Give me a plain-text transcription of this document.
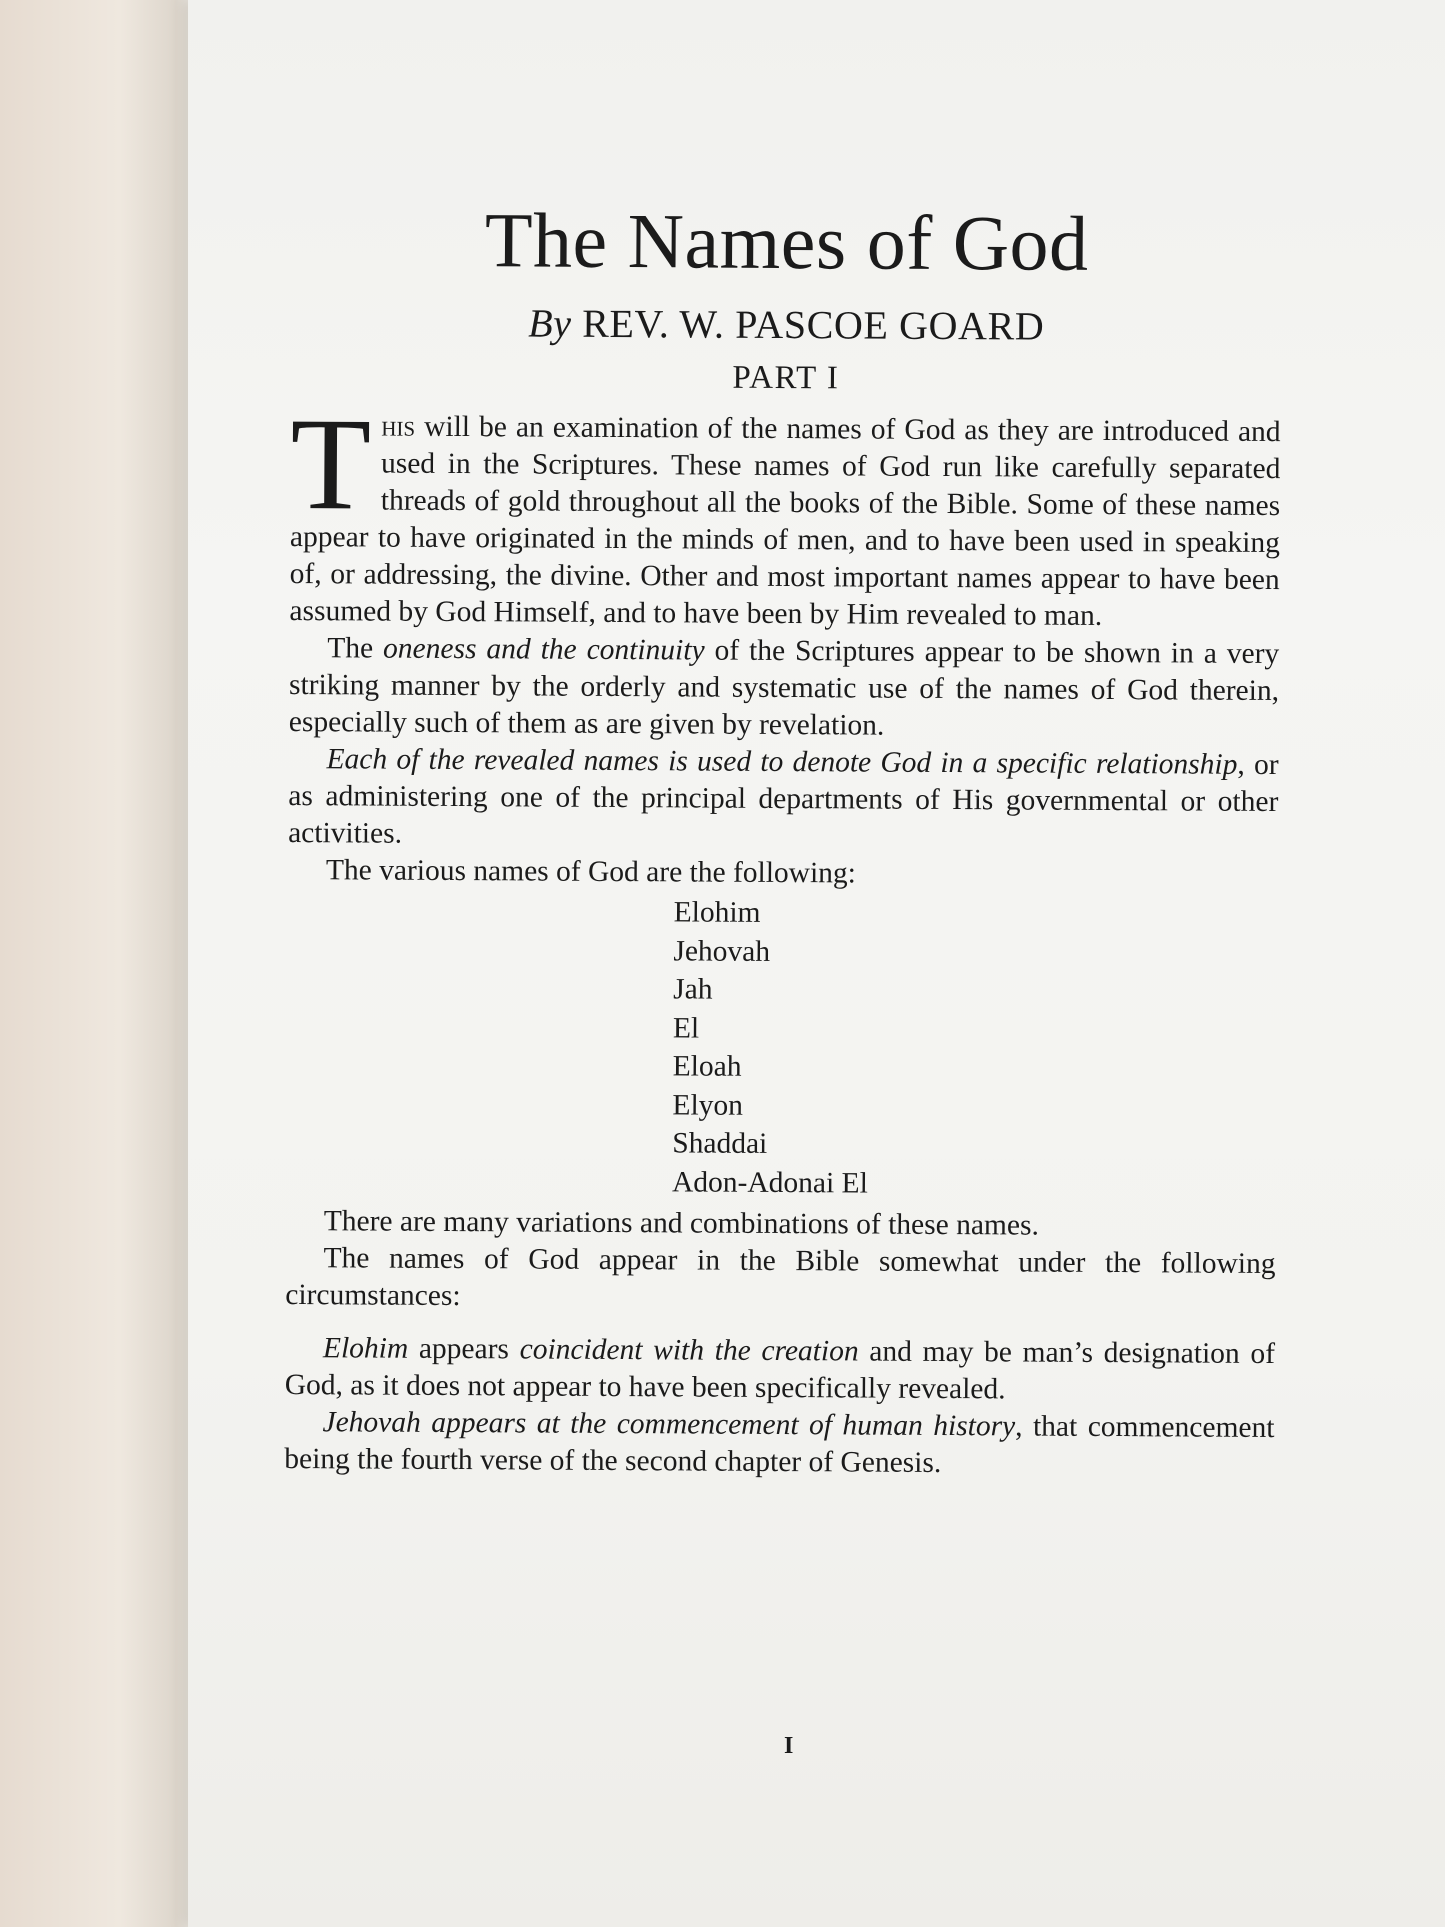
The Names of God
By REV. W. PASCOE GOARD
PART I

This will be an examination of the names of God as they are introduced and used in the Scriptures. These names of God run like carefully separated threads of gold throughout all the books of the Bible. Some of these names appear to have originated in the minds of men, and to have been used in speaking of, or addressing, the divine. Other and most important names appear to have been assumed by God Himself, and to have been by Him revealed to man.

The oneness and the continuity of the Scriptures appear to be shown in a very striking manner by the orderly and systematic use of the names of God therein, especially such of them as are given by revelation.

Each of the revealed names is used to denote God in a specific relationship, or as administering one of the principal departments of His governmental or other activities.

The various names of God are the following:

Elohim
Jehovah
Jah
El
Eloah
Elyon
Shaddai
Adon-Adonai El

There are many variations and combinations of these names.

The names of God appear in the Bible somewhat under the following circumstances:

Elohim appears coincident with the creation and may be man’s designation of God, as it does not appear to have been specifically revealed.

Jehovah appears at the commencement of human history, that commencement being the fourth verse of the second chapter of Genesis.

I
